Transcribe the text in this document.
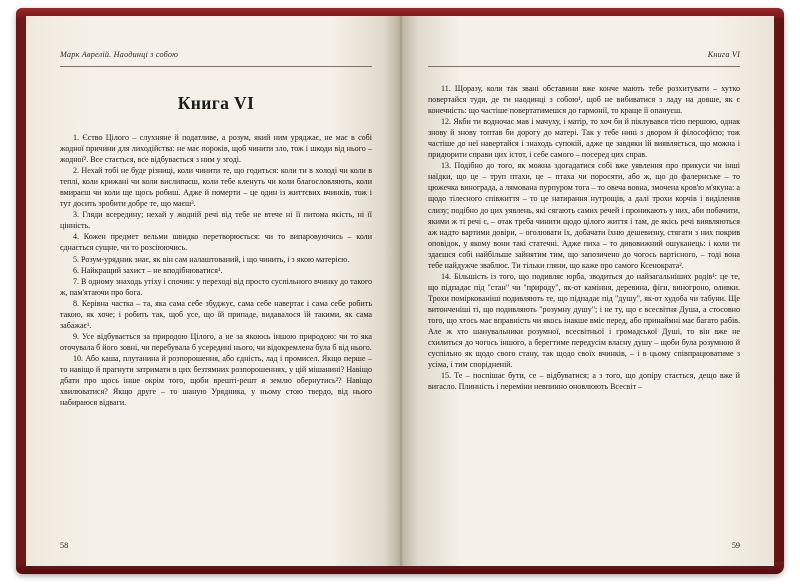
Марк Аврелій. Наодинці з собою
Книга VI

1. Єство Цілого – слухняне й податливе, а розум, який ним уряджає, не має в собі жодної причини для лиходійства: не має пороків, щоб чинити зло, тож і шкоди від нього – жодної². Все стається, все відбувається з ним у згоді.

2. Нехай тобі не буде різниці, коли чинити те, що годиться: коли ти в холоді чи коли в теплі, коли крижані чи коли вислипаєш, коли тебе кленуть чи коли благословляють, коли вмираєш чи коли ще щось робиш. Адже й померти – це один із життєвих вчинків, тож і тут досить зробити добре те, що маєш³.

3. Гляди всередину; нехай у жодній речі від тебе не втече ні її питома якість, ні її цінність.

4. Кожен предмет вельми швидко перетворюється: чи то випаровуючись – коли єднається сущне, чи то розсіюючись.

5. Розум-урядник знає, як він сам налаштований, і що чинить, і з якою матерією.

6. Найкращий захист – не вподібнюватися¹.

7. В одному знаходь утіху і спочин: у переході від просто суспільного вчинку до такого ж, пам'ятаючи про бога.

8. Керівна частка – та, яка сама себе збуджує, сама себе навертає і сама себе робить такою, як хоче; і робить так, щоб усе, що їй припаде, видавалося їй такими, як сама забажає¹.

9. Усе відбувається за природою Цілого, а не за якоюсь іншою природою: чи то яка оточувала б його зовні, чи перебувала б усередині нього, чи відокремлена була б від нього.

10. Або каша, плутанина й розпорошення, або єдність, лад і промисел. Якщо перше – то навіщо й прагнути затримати в цих безтямних розпорошеннях, у цій мішанині? Навіщо дбати про щось інше окрім того, щоби врешті-решт я землю обернутись²? Навіщо хвилюватися? Якщо друге – то шаную Урядника, у ньому стою твердо, від нього набираюся відваги.

58
Книга VI

11. Щоразу, коли так звані обставини вже конче мають тебе розхитувати – хутко повертайся туди, де ти наодинці з собою¹, щоб не вибиватися з ладу на довше, як є конечність: що частіше повертатимешся до гармонії, то краще її опануєш.

12. Якби ти водночас мав і мачуху, і матір, то хоч би й піклувався тією першою, однак знову й знову топтав би дорогу до матері. Так у тебе нині з двором й філософією; тож частіше до неї навертайся і знаходь супокій, адже це завдяки їй виявляється, що можна і придюрити справи цих істот, і себе самого – посеред цих справ.

13. Подібно до того, як можна здогадатися собі вже уявлення про прикуси чи інші наїдки, що це – труп птахи, це – птаха чи поросяти, або ж, що до фалернське – то цюжечка винограда, а лямована пурпуром тога – то овеча вовна, змочена кров'ю м'якуна: а щодо тілесного співжиття – то це натирання нутрощів, а далі трохи корчів і виділення слизу; подібно до цих уявлень, які сягають самих речей і проникають у них, аби побачити, якими ж ті речі є, – отак треба чинити щодо цілого життя і там, де якісь речі виявляються аж надто вартими довіри, – оголювати їх, добачати їхню дешевизну, стягати з них покрив оповідок, у якому вони такі статечні. Адже пиха – то дивовижний ошуканець: і коли ти здаєшся собі найбільше зайнятим тим, що запозичено до чогось вартісного, – тоді вона тебе найдужче зваблює. Ти тільки гляни, що каже про самого Ксенократа².

14. Більшість із того, що подивляє юрба, зводиться до найзагальніших родів¹: це те, що підпадає під "стан" чи "природу", як-от каміння, деревина, фіги, виногроно, оливки. Трохи поміркованіші подивляють те, що підпадає під "душу", як-от худоба чи табуни. Ще витонченіші ті, що подивляють "розумну душу"; і не ту, що є всесвітня Душа, а стосовно того, що хтось має вправність чи якось інакше вміє перед, або принаймні має багато рабів. Але ж хто шанувальники розумної, всесвітньої і громадської Душі, то він вже не схилиться до чогось іншого, а берегтиме передусім власну душу – щоби була розумною й суспільно як щодо свого стану, так щодо своїх вчинків, – і в цьому співпрацюватиме з усіма, і тим спорідненій.

15. Те – поспішає бути, се – відбуватися; а з того, що допіру стається, дещо вже й вигасло. Плинність і переміни невпинно оновлюють Всесвіт –

59
